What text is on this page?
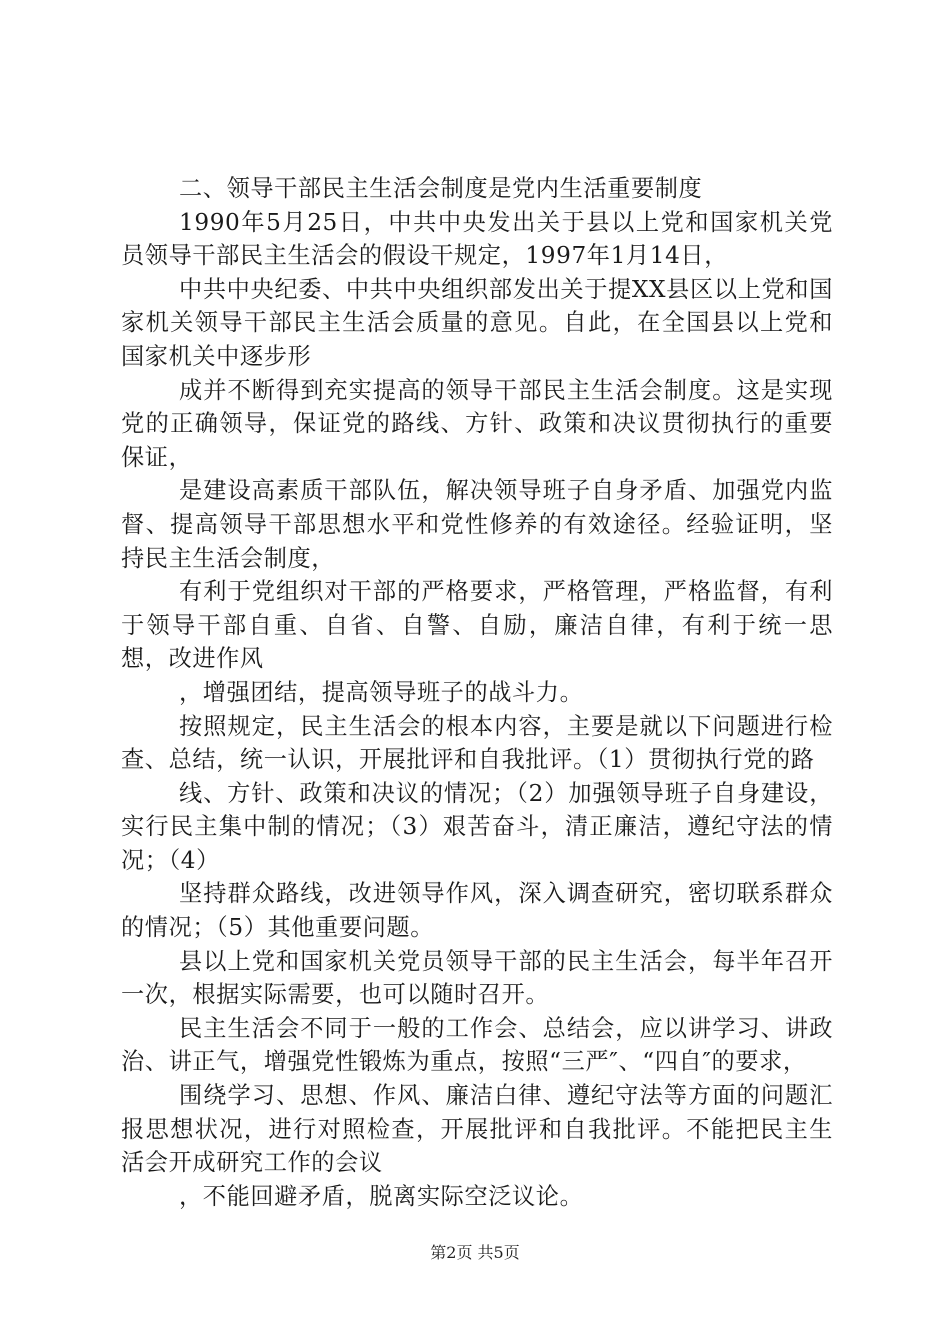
二、领导干部民主生活会制度是党内生活重要制度

1990年5月25日，中共中央发出关于县以上党和国家机关党员领导干部民主生活会的假设干规定，1997年1月14日，

中共中央纪委、中共中央组织部发出关于提XX县区以上党和国家机关领导干部民主生活会质量的意见。自此，在全国县以上党和国家机关中逐步形

成并不断得到充实提高的领导干部民主生活会制度。这是实现党的正确领导，保证党的路线、方针、政策和决议贯彻执行的重要保证，

是建设高素质干部队伍，解决领导班子自身矛盾、加强党内监督、提高领导干部思想水平和党性修养的有效途径。经验证明，坚持民主生活会制度，

有利于党组织对干部的严格要求，严格管理，严格监督，有利于领导干部自重、自省、自警、自励，廉洁自律，有利于统一思想，改进作风

，增强团结，提高领导班子的战斗力。

按照规定，民主生活会的根本内容，主要是就以下问题进行检查、总结，统一认识，开展批评和自我批评。（1）贯彻执行党的路

线、方针、政策和决议的情况；（2）加强领导班子自身建设，实行民主集中制的情况；（3）艰苦奋斗，清正廉洁，遵纪守法的情况；（4）

坚持群众路线，改进领导作风，深入调查研究，密切联系群众的情况；（5）其他重要问题。

县以上党和国家机关党员领导干部的民主生活会，每半年召开一次，根据实际需要，也可以随时召开。

民主生活会不同于一般的工作会、总结会，应以讲学习、讲政治、讲正气，增强党性锻炼为重点，按照“三严″、“四自″的要求，

围绕学习、思想、作风、廉洁白律、遵纪守法等方面的问题汇报思想状况，进行对照检查，开展批评和自我批评。不能把民主生活会开成研究工作的会议

，不能回避矛盾，脱离实际空泛议论。

第2页 共5页
